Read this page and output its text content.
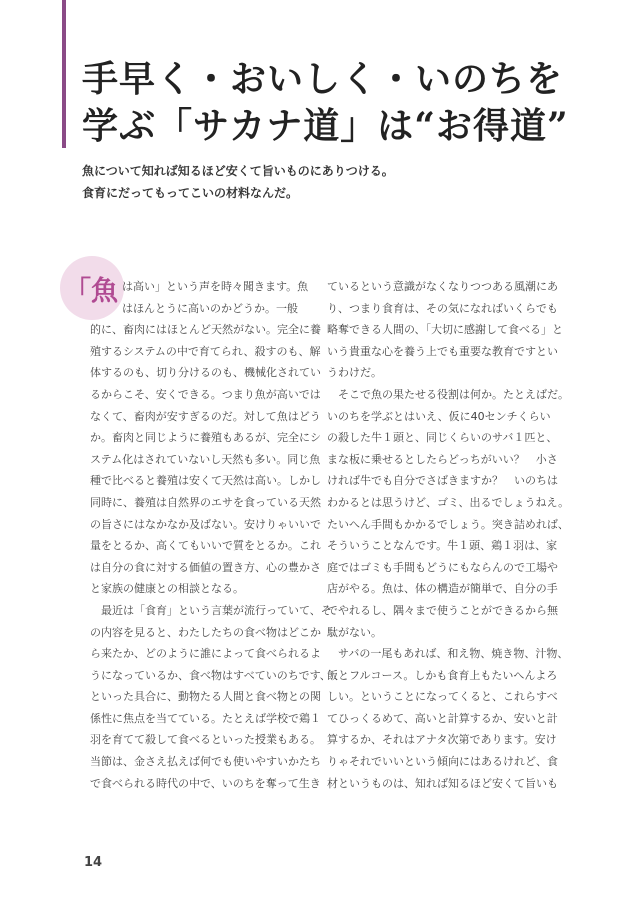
手早く・おいしく・いのちを
学ぶ「サカナ道」は“お得道”
魚について知れば知るほど安くて旨いものにありつける。
食育にだってもってこいの材料なんだ。
「魚 は高い」という声を時々聞きます。魚
はほんとうに高いのかどうか。一般
的に、畜肉にはほとんど天然がない。完全に養
殖するシステムの中で育てられ、殺すのも、解
体するのも、切り分けるのも、機械化されてい
るからこそ、安くできる。つまり魚が高いでは
なくて、畜肉が安すぎるのだ。対して魚はどう
か。畜肉と同じように養殖もあるが、完全にシ
ステム化はされていないし天然も多い。同じ魚
種で比べると養殖は安くて天然は高い。しかし
同時に、養殖は自然界のエサを食っている天然
の旨さにはなかなか及ばない。安けりゃいいで
量をとるか、高くてもいいで質をとるか。これ
は自分の食に対する価値の置き方、心の豊かさ
と家族の健康との相談となる。
　最近は「食育」という言葉が流行っていて、そ
の内容を見ると、わたしたちの食べ物はどこか
ら来たか、どのように誰によって食べられるよ
うになっているか、食べ物はすべていのちです、
といった具合に、動物たる人間と食べ物との関
係性に焦点を当てている。たとえば学校で鶏１
羽を育てて殺して食べるといった授業もある。
当節は、金さえ払えば何でも使いやすいかたち
で食べられる時代の中で、いのちを奪って生き
ているという意識がなくなりつつある風潮にあ
り、つまり食育は、その気になればいくらでも
略奪できる人間の、「大切に感謝して食べる」と
いう貴重な心を養う上でも重要な教育ですとい
うわけだ。
　そこで魚の果たせる役割は何か。たとえばだ。
いのちを学ぶとはいえ、仮に40センチくらい
の殺した牛１頭と、同じくらいのサバ１匹と、
まな板に乗せるとしたらどっちがいい？　小さ
ければ牛でも自分でさばきますか？　いのちは
わかるとは思うけど、ゴミ、出るでしょうねえ。
たいへん手間もかかるでしょう。突き詰めれば、
そういうことなんです。牛１頭、鶏１羽は、家
庭ではゴミも手間もどうにもならんので工場や
店がやる。魚は、体の構造が簡単で、自分の手
でやれるし、隅々まで使うことができるから無
駄がない。
　サバの一尾もあれば、和え物、焼き物、汁物、
飯とフルコース。しかも食育上もたいへんよろ
しい。ということになってくると、これらすべ
てひっくるめて、高いと計算するか、安いと計
算するか、それはアナタ次第であります。安け
りゃそれでいいという傾向にはあるけれど、食
材というものは、知れば知るほど安くて旨いも
14
